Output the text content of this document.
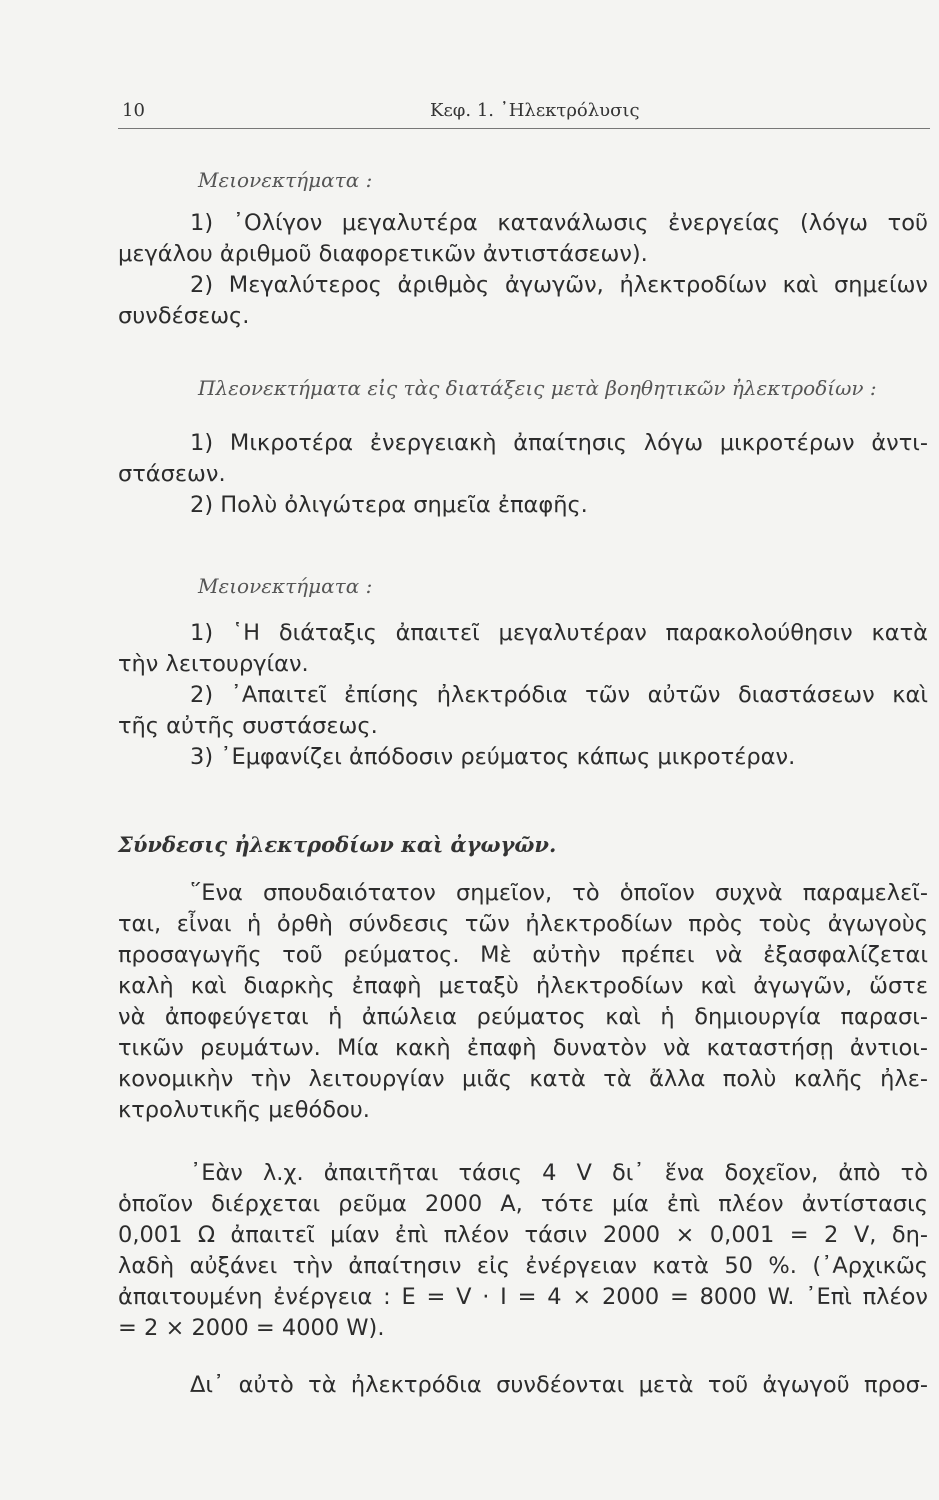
10	Κεφ. 1. ᾿Ηλεκτρόλυσις
Μειονεκτήματα :
1) ᾿Ολίγον μεγαλυτέρα κατανάλωσις ἐνεργείας (λόγω τοῦ
μεγάλου ἀριθμοῦ διαφορετικῶν ἀντιστάσεων).
2) Μεγαλύτερος ἀριθμὸς ἀγωγῶν, ἠλεκτροδίων καὶ σημείων
συνδέσεως.
Πλεονεκτήματα εἰς τὰς διατάξεις μετὰ βοηθητικῶν ἠλεκτροδίων :
1) Μικροτέρα ἐνεργειακὴ ἀπαίτησις λόγω μικροτέρων ἀντι-
στάσεων.
2) Πολὺ ὀλιγώτερα σημεῖα ἐπαφῆς.
Μειονεκτήματα :
1) ῾Η διάταξις ἀπαιτεῖ μεγαλυτέραν παρακολούθησιν κατὰ
τὴν λειτουργίαν.
2) ᾿Απαιτεῖ ἐπίσης ἠλεκτρόδια τῶν αὐτῶν διαστάσεων καὶ
τῆς αὐτῆς συστάσεως.
3) ᾿Εμφανίζει ἀπόδοσιν ρεύματος κάπως μικροτέραν.
Σύνδεσις ἠλεκτροδίων καὶ ἀγωγῶν.
῞Ενα σπουδαιότατον σημεῖον, τὸ ὁποῖον συχνὰ παραμελεῖ-
ται, εἶναι ἡ ὀρθὴ σύνδεσις τῶν ἠλεκτροδίων πρὸς τοὺς ἀγωγοὺς
προσαγωγῆς τοῦ ρεύματος. Μὲ αὐτὴν πρέπει νὰ ἐξασφαλίζεται
καλὴ καὶ διαρκὴς ἐπαφὴ μεταξὺ ἠλεκτροδίων καὶ ἀγωγῶν, ὥστε
νὰ ἀποφεύγεται ἡ ἀπώλεια ρεύματος καὶ ἡ δημιουργία παρασι-
τικῶν ρευμάτων. Μία κακὴ ἐπαφὴ δυνατὸν νὰ καταστήσῃ ἀντιοι-
κονομικὴν τὴν λειτουργίαν μιᾶς κατὰ τὰ ἄλλα πολὺ καλῆς ἠλε-
κτρολυτικῆς μεθόδου.
᾿Εὰν λ.χ. ἀπαιτῆται τάσις 4 V δι᾿ ἕνα δοχεῖον, ἀπὸ τὸ
ὁποῖον διέρχεται ρεῦμα 2000 A, τότε μία ἐπὶ πλέον ἀντίστασις
0,001 Ω ἀπαιτεῖ μίαν ἐπὶ πλέον τάσιν 2000 × 0,001 = 2 V, δη-
λαδὴ αὐξάνει τὴν ἀπαίτησιν εἰς ἐνέργειαν κατὰ 50 %. (᾿Αρχικῶς
ἀπαιτουμένη ἐνέργεια : E = V · I = 4 × 2000 = 8000 W. ᾿Επὶ πλέον
= 2 × 2000 = 4000 W).
Δι᾿ αὐτὸ τὰ ἠλεκτρόδια συνδέονται μετὰ τοῦ ἀγωγοῦ προσ-
